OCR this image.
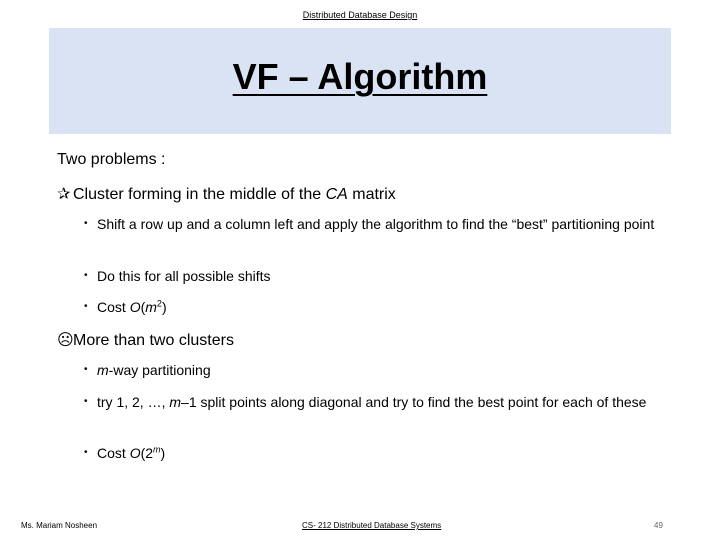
Distributed Database Design
VF – Algorithm
Two problems :
✰ Cluster forming in the middle of the CA matrix
• Shift a row up and a column left and apply the algorithm to find the “best” partitioning point
• Do this for all possible shifts
• Cost $O(m^2)$
☹More than two clusters
• m-way partitioning
• try 1, 2, …, m–1 split points along diagonal and try to find the best point for each of these
• Cost O(2$^m$)
Ms. Mariam Nosheen	CS- 212 Distributed Database Systems	49
